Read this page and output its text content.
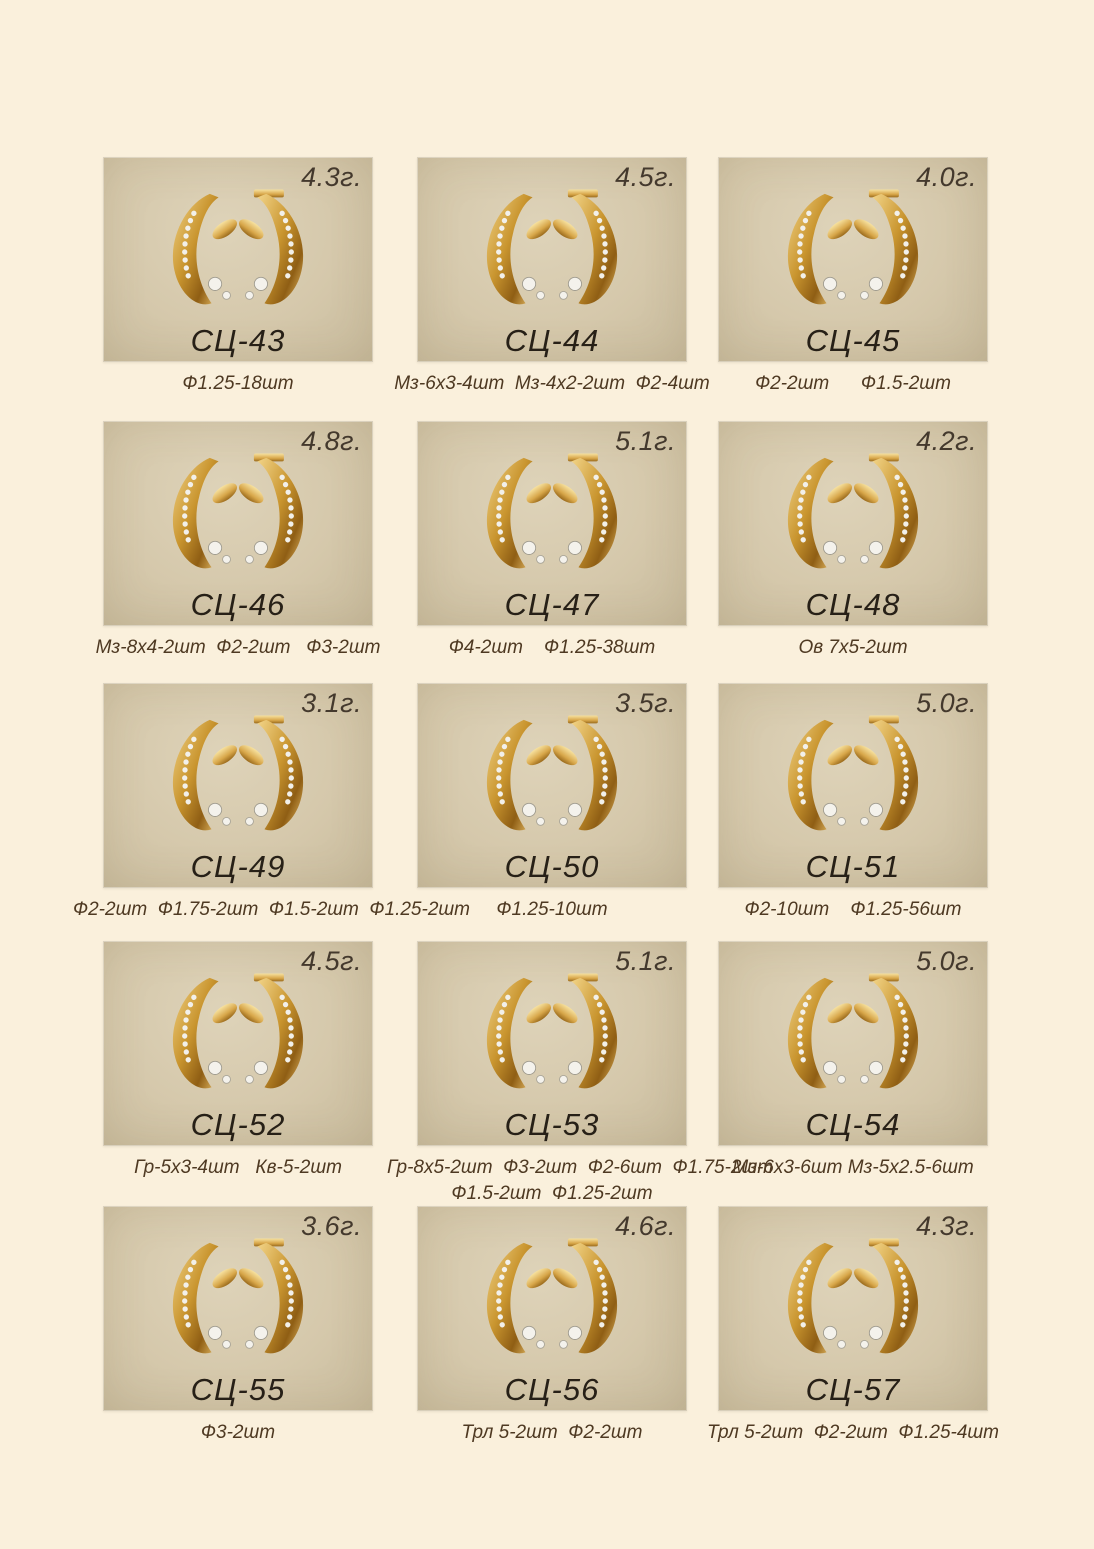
4.3г.
СЦ-43
Ф1.25-18шт
4.5г.
СЦ-44
Мз-6х3-4шт  Мз-4х2-2шт  Ф2-4шт
4.0г.
СЦ-45
Ф2-2шт      Ф1.5-2шт
4.8г.
СЦ-46
Мз-8х4-2шт  Ф2-2шт   Ф3-2шт
5.1г.
СЦ-47
Ф4-2шт    Ф1.25-38шт
4.2г.
СЦ-48
Ов 7х5-2шт
3.1г.
СЦ-49
Ф2-2шт  Ф1.75-2шт  Ф1.5-2шт  Ф1.25-2шт
3.5г.
СЦ-50
Ф1.25-10шт
5.0г.
СЦ-51
Ф2-10шт    Ф1.25-56шт
4.5г.
СЦ-52
Гр-5х3-4шт   Кв-5-2шт
5.1г.
СЦ-53
Гр-8х5-2шт  Ф3-2шт  Ф2-6шт  Ф1.75-2шт
Ф1.5-2шт  Ф1.25-2шт
5.0г.
СЦ-54
Мз-6х3-6шт Мз-5х2.5-6шт
3.6г.
СЦ-55
Ф3-2шт
4.6г.
СЦ-56
Трл 5-2шт  Ф2-2шт
4.3г.
СЦ-57
Трл 5-2шт  Ф2-2шт  Ф1.25-4шт
